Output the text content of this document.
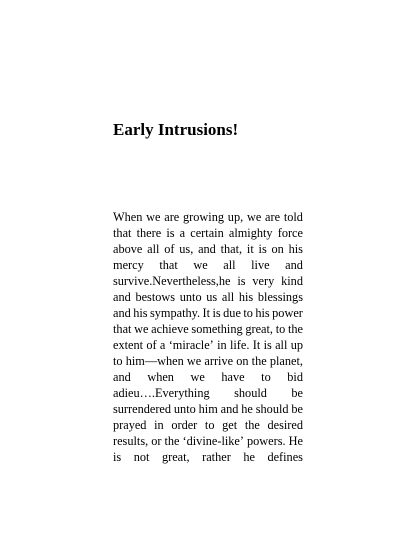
Early Intrusions!
When we are growing up, we are told
that there is a certain almighty force
above all of us, and that, it is on his
mercy that we all live and
survive.Nevertheless,he is very kind
and bestows unto us all his blessings
and his sympathy. It is due to his power
that we achieve something great, to the
extent of a ‘miracle’ in life. It is all up
to him—when we arrive on the planet,
and when we have to bid
adieu….Everything should be
surrendered unto him and he should be
prayed in order to get the desired
results, or the ‘divine-like’ powers. He
is not great, rather he defines
